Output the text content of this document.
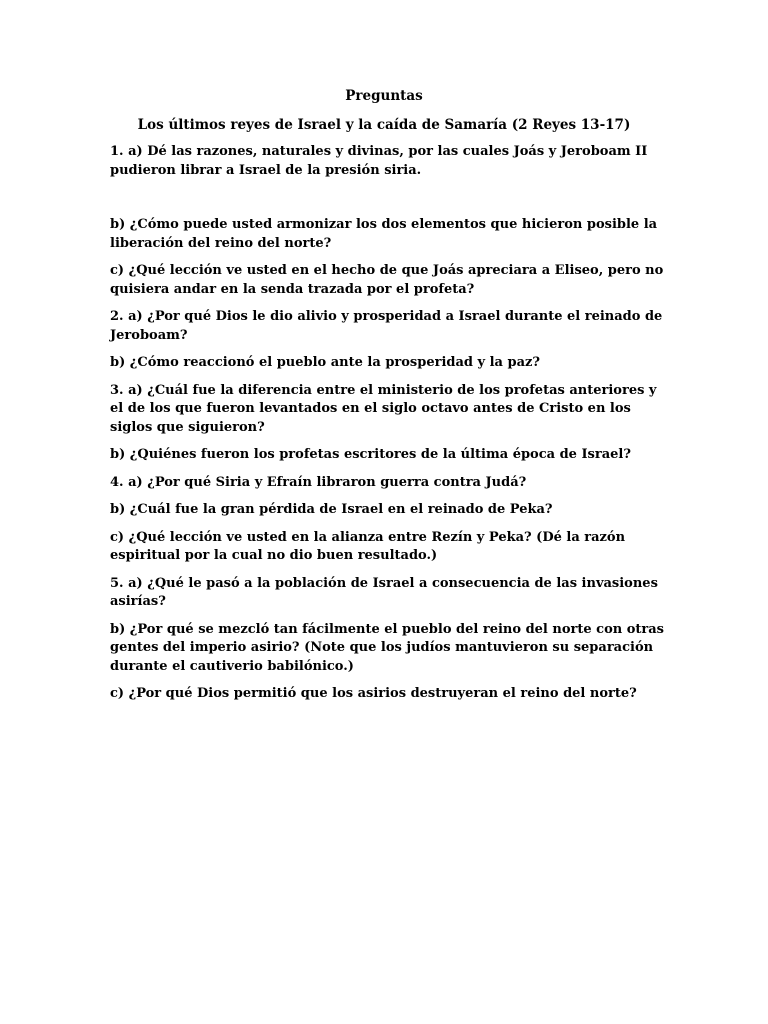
Preguntas
Los últimos reyes de Israel y la caída de Samaría (2 Reyes 13-17)

1. a) Dé las razones, naturales y divinas, por las cuales Joás y Jeroboam II pudieron librar a Israel de la presión siria.

b) ¿Cómo puede usted armonizar los dos elementos que hicieron posible la liberación del reino del norte?

c) ¿Qué lección ve usted en el hecho de que Joás apreciara a Eliseo, pero no quisiera andar en la senda trazada por el profeta?

2. a) ¿Por qué Dios le dio alivio y prosperidad a Israel durante el reinado de Jeroboam?

b) ¿Cómo reaccionó el pueblo ante la prosperidad y la paz?

3. a) ¿Cuál fue la diferencia entre el ministerio de los profetas anteriores y el de los que fueron levantados en el siglo octavo antes de Cristo en los siglos que siguieron?

b) ¿Quiénes fueron los profetas escritores de la última época de Israel?

4. a) ¿Por qué Siria y Efraín libraron guerra contra Judá?

b) ¿Cuál fue la gran pérdida de Israel en el reinado de Peka?

c) ¿Qué lección ve usted en la alianza entre Rezín y Peka? (Dé la razón espiritual por la cual no dio buen resultado.)

5. a) ¿Qué le pasó a la población de Israel a consecuencia de las invasiones asirías?

b) ¿Por qué se mezcló tan fácilmente el pueblo del reino del norte con otras gentes del imperio asirio? (Note que los judíos mantuvieron su separación durante el cautiverio babilónico.)

c) ¿Por qué Dios permitió que los asirios destruyeran el reino del norte?
